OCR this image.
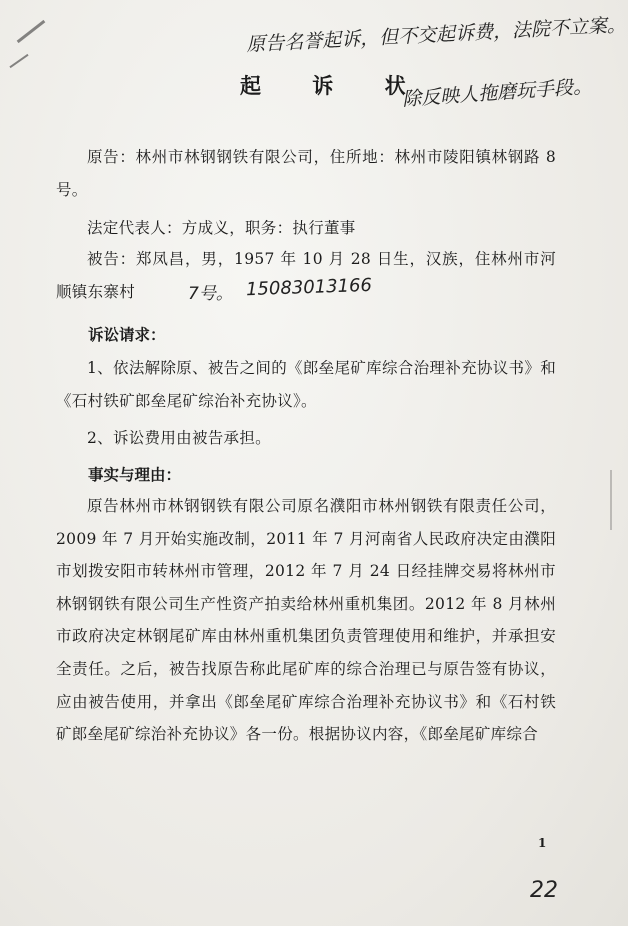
原告名誉起诉，但不交起诉费，法院不立案。
除反映人拖磨玩手段。
起 诉 状
原告：林州市林钢钢铁有限公司，住所地：林州市陵阳镇林钢路 8 号。
法定代表人：方成义，职务：执行董事
被告：郑凤昌，男，1957 年 10 月 28 日生，汉族，住林州市河顺镇东寨村	7号。 15083013166
诉讼请求：
1、依法解除原、被告之间的《郎垒尾矿库综合治理补充协议书》和《石村铁矿郎垒尾矿综治补充协议》。
2、诉讼费用由被告承担。
事实与理由：
原告林州市林钢钢铁有限公司原名濮阳市林州钢铁有限责任公司，2009 年 7 月开始实施改制，2011 年 7 月河南省人民政府决定由濮阳市划拨安阳市转林州市管理，2012 年 7 月 24 日经挂牌交易将林州市林钢钢铁有限公司生产性资产拍卖给林州重机集团。2012 年 8 月林州市政府决定林钢尾矿库由林州重机集团负责管理使用和维护，并承担安全责任。之后，被告找原告称此尾矿库的综合治理已与原告签有协议，应由被告使用，并拿出《郎垒尾矿库综合治理补充协议书》和《石村铁矿郎垒尾矿综治补充协议》各一份。根据协议内容，《郎垒尾矿库综合
1
22
